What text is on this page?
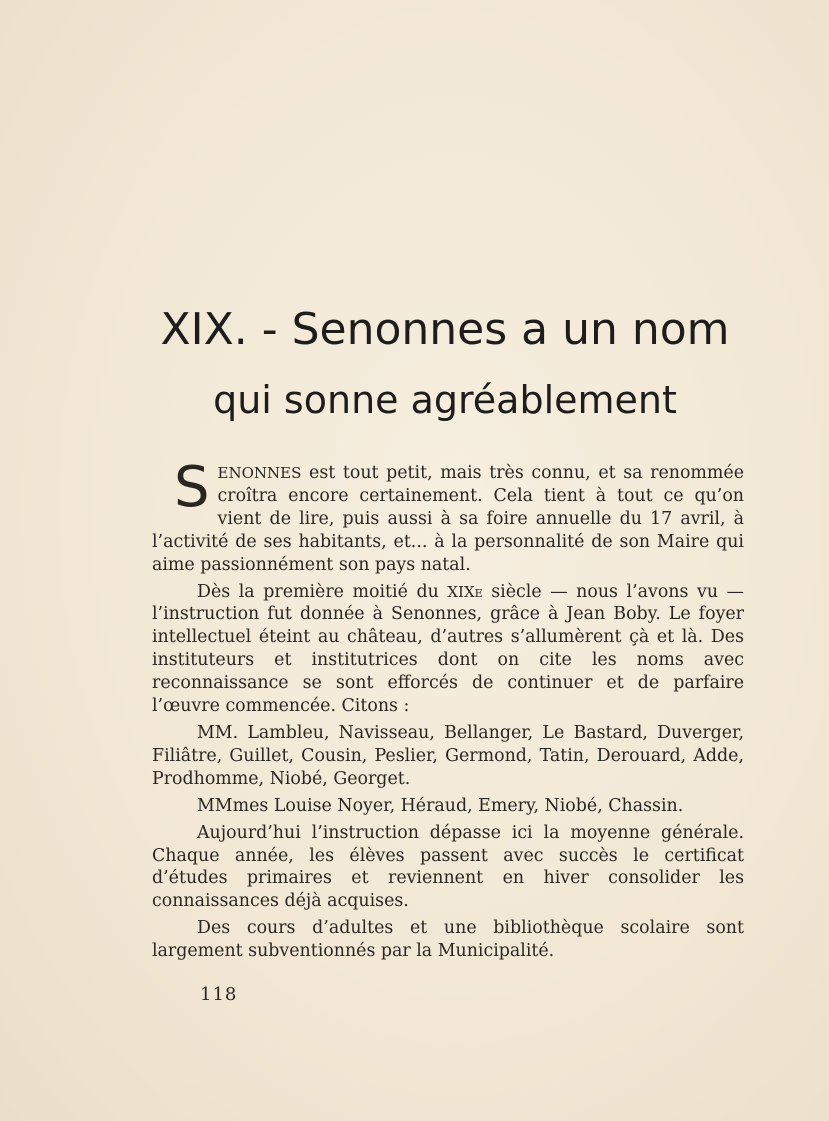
XIX. - Senonnes a un nom
qui sonne agréablement

SENONNES est tout petit, mais très connu, et sa renommée croîtra encore certainement. Cela tient à tout ce qu’on vient de lire, puis aussi à sa foire annuelle du 17 avril, à l’activité de ses habitants, et... à la personnalité de son Maire qui aime passionnément son pays natal.

Dès la première moitié du XIXe siècle — nous l’avons vu — l’instruction fut donnée à Senonnes, grâce à Jean Boby. Le foyer intellectuel éteint au château, d’autres s’allumèrent çà et là. Des instituteurs et institutrices dont on cite les noms avec reconnaissance se sont efforcés de continuer et de parfaire l’œuvre commencée. Citons :

MM. Lambleu, Navisseau, Bellanger, Le Bastard, Duverger, Filiâtre, Guillet, Cousin, Peslier, Germond, Tatin, Derouard, Adde, Prodhomme, Niobé, Georget.

MMmes Louise Noyer, Héraud, Emery, Niobé, Chassin.

Aujourd’hui l’instruction dépasse ici la moyenne générale. Chaque année, les élèves passent avec succès le certificat d’études primaires et reviennent en hiver consolider les connaissances déjà acquises.

Des cours d’adultes et une bibliothèque scolaire sont largement subventionnés par la Municipalité.

118
